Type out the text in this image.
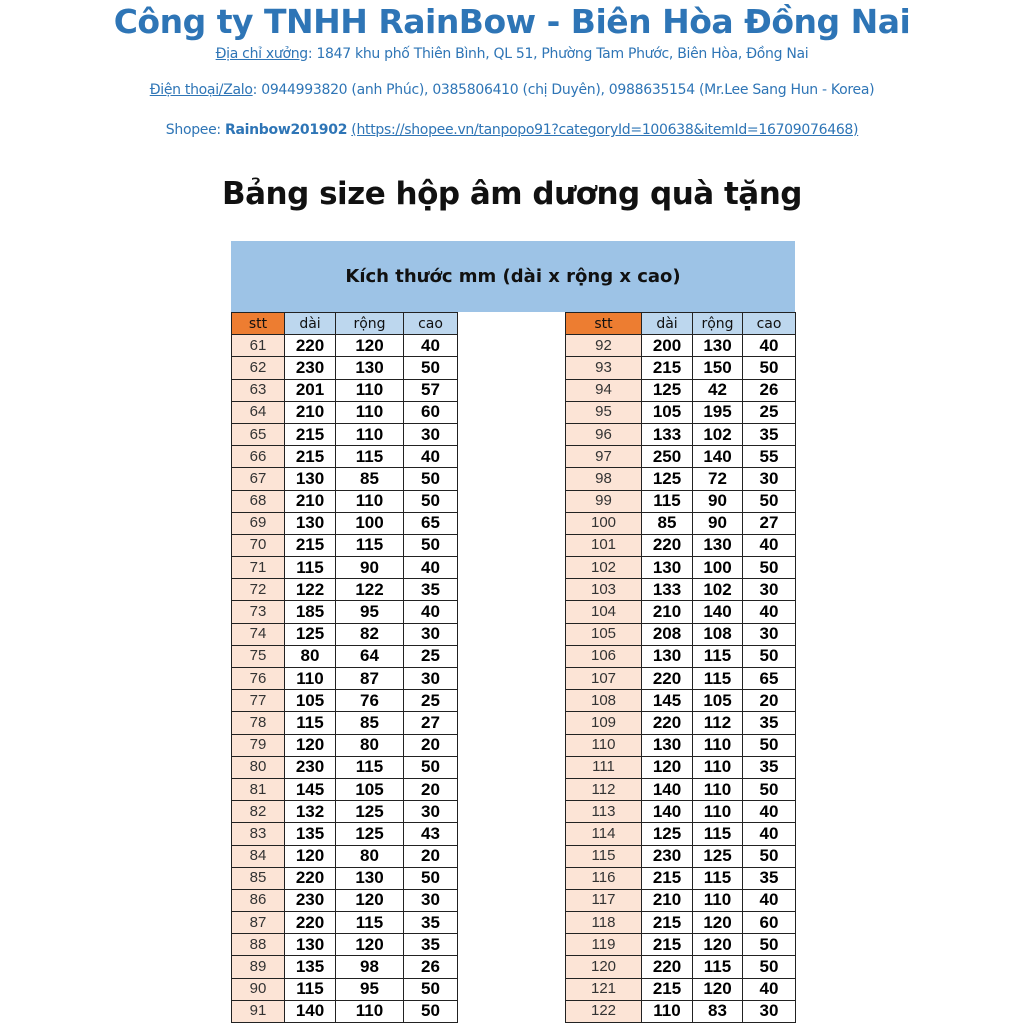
Công ty TNHH RainBow - Biên Hòa Đồng Nai
Địa chỉ xưởng: 1847 khu phố Thiên Bình, QL 51, Phường Tam Phước, Biên Hòa, Đồng Nai
Điện thoại/Zalo: 0944993820 (anh Phúc), 0385806410 (chị Duyên), 0988635154 (Mr.Lee Sang Hun - Korea)
Shopee: Rainbow201902 (https://shopee.vn/tanpopo91?categoryId=100638&itemId=16709076468)
Bảng size hộp âm dương quà tặng
Kích thước mm (dài x rộng x cao)
stt	dài	rộng	cao
61	220	120	40
62	230	130	50
63	201	110	57
64	210	110	60
65	215	110	30
66	215	115	40
67	130	85	50
68	210	110	50
69	130	100	65
70	215	115	50
71	115	90	40
72	122	122	35
73	185	95	40
74	125	82	30
75	80	64	25
76	110	87	30
77	105	76	25
78	115	85	27
79	120	80	20
80	230	115	50
81	145	105	20
82	132	125	30
83	135	125	43
84	120	80	20
85	220	130	50
86	230	120	30
87	220	115	35
88	130	120	35
89	135	98	26
90	115	95	50
91	140	110	50
stt	dài	rộng	cao
92	200	130	40
93	215	150	50
94	125	42	26
95	105	195	25
96	133	102	35
97	250	140	55
98	125	72	30
99	115	90	50
100	85	90	27
101	220	130	40
102	130	100	50
103	133	102	30
104	210	140	40
105	208	108	30
106	130	115	50
107	220	115	65
108	145	105	20
109	220	112	35
110	130	110	50
111	120	110	35
112	140	110	50
113	140	110	40
114	125	115	40
115	230	125	50
116	215	115	35
117	210	110	40
118	215	120	60
119	215	120	50
120	220	115	50
121	215	120	40
122	110	83	30
